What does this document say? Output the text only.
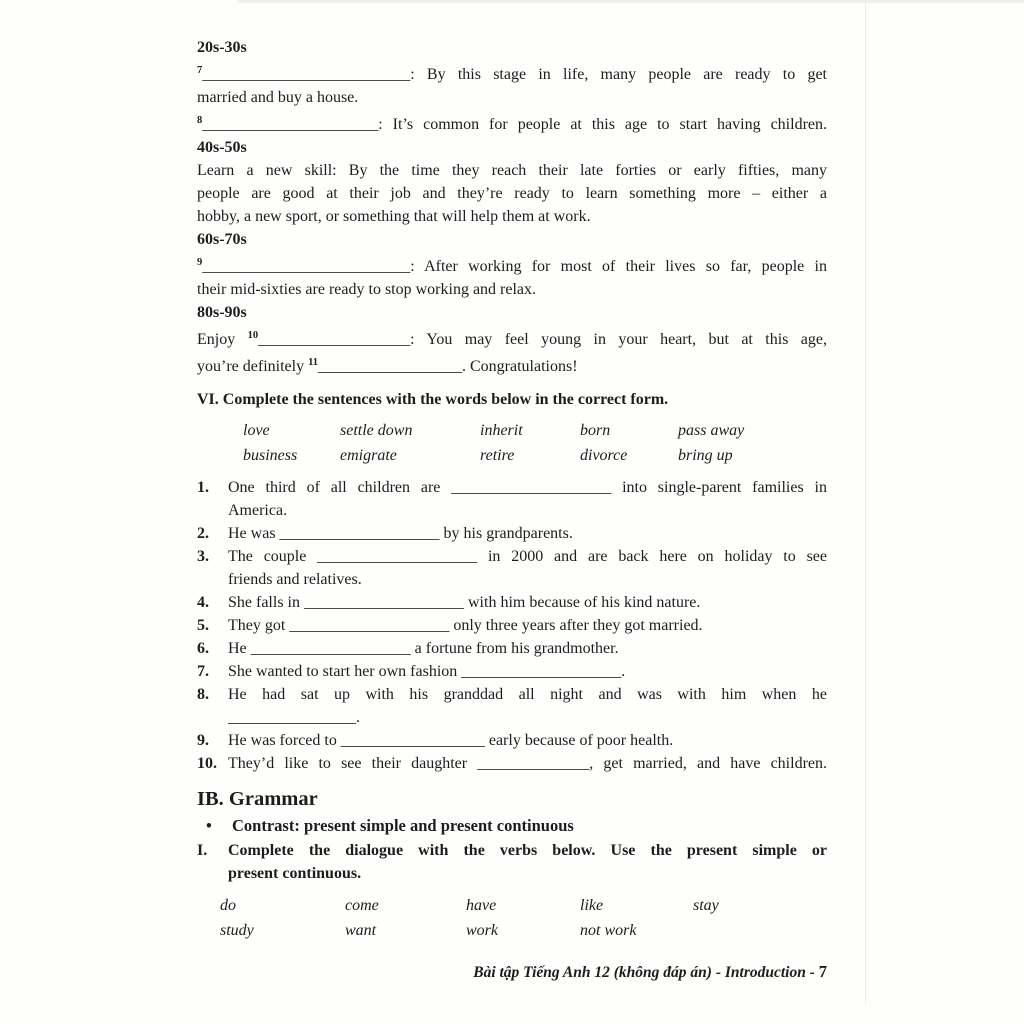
20s-30s
$^7$__________________________: By this stage in life, many people are ready to get
married and buy a house.
$^8$______________________: It’s common for people at this age to start having children.
40s-50s
Learn a new skill: By the time they reach their late forties or early fifties, many
people are good at their job and they’re ready to learn something more – either a
hobby, a new sport, or something that will help them at work.
60s-70s
$^9$__________________________: After working for most of their lives so far, people in
their mid-sixties are ready to stop working and relax.
80s-90s
Enjoy $^{10}$___________________: You may feel young in your heart, but at this age,
you’re definitely $^{11}$__________________. Congratulations!
VI. Complete the sentences with the words below in the correct form.
love	settle down	inherit	born	pass away
business	emigrate	retire	divorce	bring up
1. One third of all children are ____________________ into single-parent families in
America.
2. He was ____________________ by his grandparents.
3. The couple ____________________ in 2000 and are back here on holiday to see
friends and relatives.
4. She falls in ____________________ with him because of his kind nature.
5. They got ____________________ only three years after they got married.
6. He ____________________ a fortune from his grandmother.
7. She wanted to start her own fashion ____________________.
8. He had sat up with his granddad all night and was with him when he
________________.
9. He was forced to __________________ early because of poor health.
10. They’d like to see their daughter ______________, get married, and have children.
IB. Grammar
• Contrast: present simple and present continuous
I. Complete the dialogue with the verbs below. Use the present simple or
present continuous.
do	come	have	like	stay
study	want	work	not work
Bài tập Tiếng Anh 12 (không đáp án) - Introduction - 7
